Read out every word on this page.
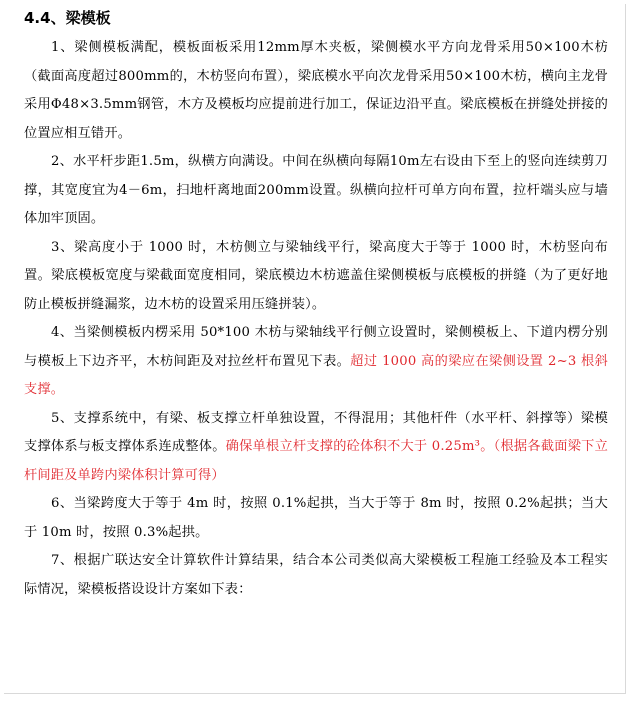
4.4、梁模板

1、梁侧模板满配，模板面板采用12mm厚木夹板，梁侧模水平方向龙骨采用50×100木枋（截面高度超过800mm的，木枋竖向布置），梁底模水平向次龙骨采用50×100木枋，横向主龙骨采用Φ48×3.5mm钢管，木方及模板均应提前进行加工，保证边沿平直。梁底模板在拼缝处拼接的位置应相互错开。

2、水平杆步距1.5m，纵横方向满设。中间在纵横向每隔10m左右设由下至上的竖向连续剪刀撑，其宽度宜为4－6m，扫地杆离地面200mm设置。纵横向拉杆可单方向布置，拉杆端头应与墙体加牢顶固。

3、梁高度小于 1000 时，木枋侧立与梁轴线平行，梁高度大于等于 1000 时，木枋竖向布置。梁底模板宽度与梁截面宽度相同，梁底模边木枋遮盖住梁侧模板与底模板的拼缝（为了更好地防止模板拼缝漏浆，边木枋的设置采用压缝拼装）。

4、当梁侧模板内楞采用 50*100 木枋与梁轴线平行侧立设置时，梁侧模板上、下道内楞分别与模板上下边齐平，木枋间距及对拉丝杆布置见下表。超过 1000 高的梁应在梁侧设置 2~3 根斜支撑。

5、支撑系统中，有梁、板支撑立杆单独设置，不得混用；其他杆件（水平杆、斜撑等）梁模支撑体系与板支撑体系连成整体。确保单根立杆支撑的砼体积不大于 0.25m³。（根据各截面梁下立杆间距及单跨内梁体积计算可得）

6、当梁跨度大于等于 4m 时，按照 0.1%起拱，当大于等于 8m 时，按照 0.2%起拱；当大于 10m 时，按照 0.3%起拱。

7、根据广联达安全计算软件计算结果，结合本公司类似高大梁模板工程施工经验及本工程实际情况，梁模板搭设设计方案如下表：
